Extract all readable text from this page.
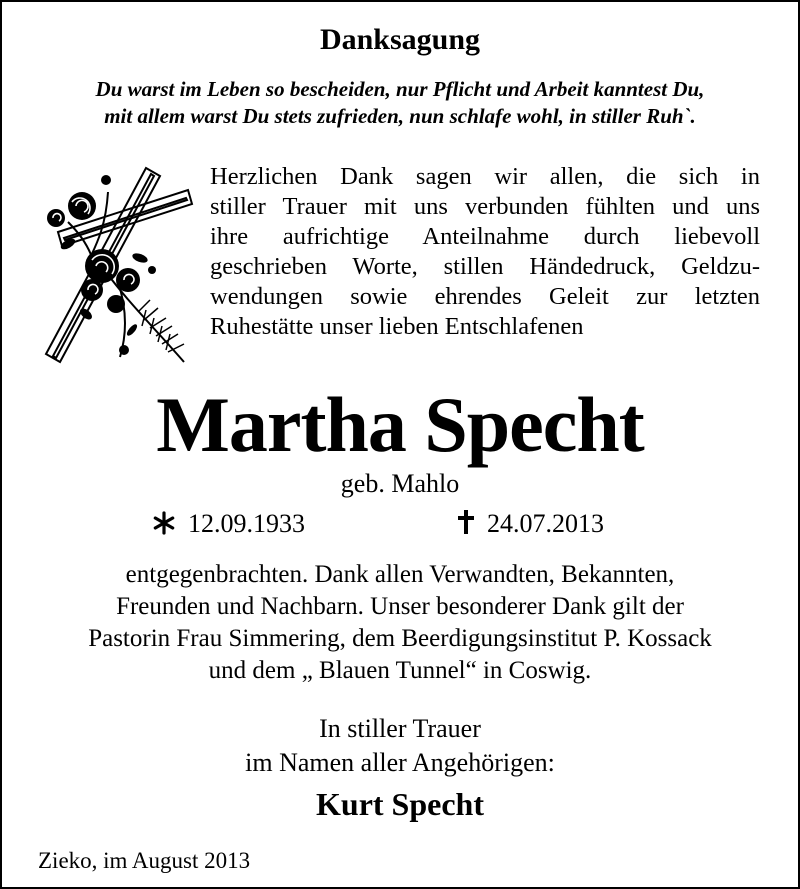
Danksagung
Du warst im Leben so bescheiden, nur Pflicht und Arbeit kanntest Du,
mit allem warst Du stets zufrieden, nun schlafe wohl, in stiller Ruh`.
Herzlichen Dank sagen wir allen, die sich in
stiller Trauer mit uns verbunden fühlten und uns
ihre aufrichtige Anteilnahme durch liebevoll
geschrieben Worte, stillen Händedruck, Geldzu-
wendungen sowie ehrendes Geleit zur letzten
Ruhestätte unser lieben Entschlafenen
Martha Specht
geb. Mahlo
12.09.1933	24.07.2013
entgegenbrachten. Dank allen Verwandten, Bekannten,
Freunden und Nachbarn. Unser besonderer Dank gilt der
Pastorin Frau Simmering, dem Beerdigungsinstitut P. Kossack
und dem „ Blauen Tunnel“ in Coswig.
In stiller Trauer
im Namen aller Angehörigen:
Kurt Specht
Zieko, im August 2013
